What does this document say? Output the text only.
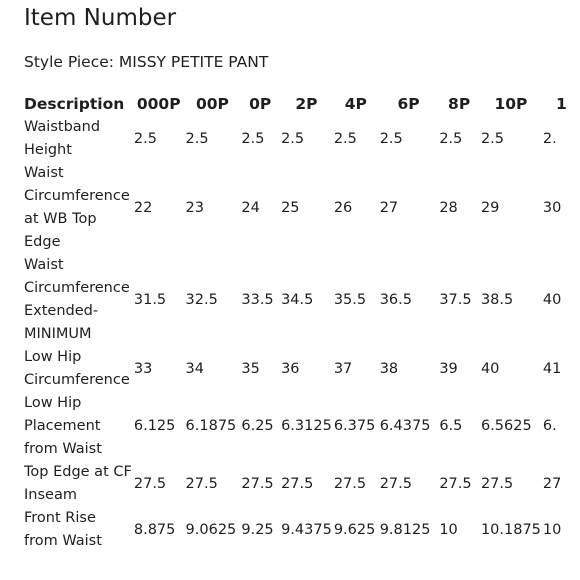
Item Number
Style Piece: MISSY PETITE PANT
Description	000P	00P	0P	2P	4P	6P	8P	10P	1
Waistband Height	2.5	2.5	2.5	2.5	2.5	2.5	2.5	2.5	2.
Waist Circumference at WB Top Edge	22	23	24	25	26	27	28	29	30
Waist Circumference Extended-MINIMUM	31.5	32.5	33.5	34.5	35.5	36.5	37.5	38.5	40
Low Hip Circumference	33	34	35	36	37	38	39	40	41
Low Hip Placement from Waist	6.125	6.1875	6.25	6.3125	6.375	6.4375	6.5	6.5625	6.
Top Edge at CF Inseam	27.5	27.5	27.5	27.5	27.5	27.5	27.5	27.5	27
Front Rise from Waist	8.875	9.0625	9.25	9.4375	9.625	9.8125	10	10.1875	10
